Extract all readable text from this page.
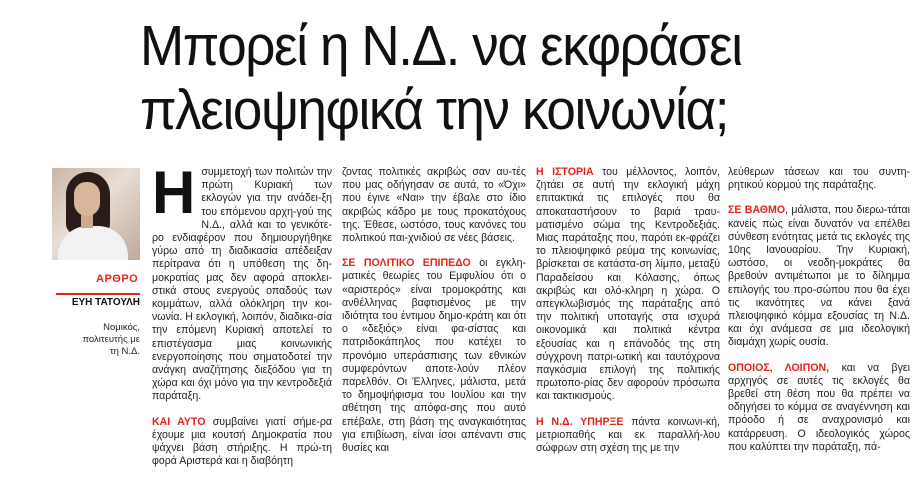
Μπορεί η Ν.Δ. να εκφράσει
πλειοψηφικά την κοινωνία;
ΑΡΘΡΟ
ΕΥΗ ΤΑΤΟΥΛΗ
Νομικός, πολιτευτής με τη Ν.Δ.

Ησυμμετοχή των πολιτών την πρώτη Κυριακή των εκλογών για την ανάδει-ξη του επόμενου αρχη-γού της Ν.Δ., αλλά και το γενικότε-ρο ενδιαφέρον που δημιουργήθηκε γύρω από τη διαδικασία απέδειξαν περίτρανα ότι η υπόθεση της δη-μοκρατίας μας δεν αφορά αποκλει-στικά στους ενεργούς οπαδούς των κομμάτων, αλλά ολόκληρη την κοι-νωνία. Η εκλογική, λοιπόν, διαδικα-σία την επόμενη Κυριακή αποτελεί το επιστέγασμα μιας κοινωνικής ενεργοποίησης που σηματοδοτεί την ανάγκη αναζήτησης διεξόδου για τη χώρα και όχι μόνο για την κεντροδεξιά παράταξη.

ΚΑΙ ΑΥΤΟ συμβαίνει γιατί σήμε-ρα έχουμε μια κουτσή Δημοκρατία που ψάχνει βάση στήριξης. Η πρώ-τη φορά Αριστερά και η διαβόητη

ζοντας πολιτικές ακριβώς σαν αυ-τές που μας οδήγησαν σε αυτά, το «Όχι» που έγινε «Ναι» την έβαλε στο ίδιο ακριβώς κάδρο με τους προκατόχους της. Έθεσε, ωστόσο, τους κανόνες του πολιτικού παι-χνιδιού σε νέες βάσεις.

ΣΕ ΠΟΛΙΤΙΚΟ ΕΠΙΠΕΔΟ οι εγκλη-ματικές θεωρίες του Εμφυλίου ότι ο «αριστερός» είναι τρομοκράτης και ανθέλληνας βαφτισμένος με την ιδιότητα του έντιμου δημο-κράτη και ότι ο «δεξιός» είναι φα-σίστας και πατριδοκάπηλος που κατέχει το προνόμιο υπεράσπισης των εθνικών συμφερόντων αποτε-λούν πλέον παρελθόν. Οι Έλληνες, μάλιστα, μετά το δημοψήφισμα του Ιουλίου και την αθέτηση της απόφα-σης που αυτό επέβαλε, στη βάση της αναγκαιότητας για επιβίωση, είναι ίσοι απέναντι στις θυσίες και

Η ΙΣΤΟΡΙΑ του μέλλοντος, λοιπόν, ζητάει σε αυτή την εκλογική μάχη επιτακτικά τις επιλογές που θα αποκαταστήσουν το βαριά τραυ-ματισμένο σώμα της Κεντροδεξιάς. Μιας παράταξης που, παρότι εκ-φράζει το πλειοψηφικό ρεύμα της κοινωνίας, βρίσκεται σε κατάστα-ση λίμπο, μεταξύ Παραδείσου και Κόλασης, όπως ακριβώς και ολό-κληρη η χώρα. Ο απεγκλωβισμός της παράταξης από την πολιτική υποταγής στα ισχυρά οικονομικά και πολιτικά κέντρα εξουσίας και η επάνοδός της στη σύγχρονη πατρι-ωτική και ταυτόχρονα παγκόσμια επιλογή της πολιτικής πρωτοπο-ρίας δεν αφορούν πρόσωπα και τακτικισμούς.

Η Ν.Δ. ΥΠΗΡΞΕ πάντα κοινωνι-κή, μετριοπαθής και εκ παραλλή-λου σώφρων στη σχέση της με την

λεύθερων τάσεων και του συντη-ρητικού κορμού της παράταξης.

ΣΕ ΒΑΘΜΟ, μάλιστα, που διερω-τάται κανείς πώς είναι δυνατόν να επέλθει σύνθεση ενότητας μετά τις εκλογές της 10ης Ιανουαρίου. Την Κυριακή, ωστόσο, οι νεοδη-μοκράτες θα βρεθούν αντιμέτωποι με το δίλημμα επιλογής του προ-σώπου που θα έχει τις ικανότητες να κάνει ξανά πλειοψηφικό κόμμα εξουσίας τη Ν.Δ. και όχι ανάμεσα σε μια ιδεολογική διαμάχη χωρίς ουσία.

ΟΠΟΙΟΣ, ΛΟΙΠΟΝ, και να βγει αρχηγός σε αυτές τις εκλογές θα βρεθεί στη θέση που θα πρέπει να οδηγήσει το κόμμα σε αναγέννηση και πρόοδο ή σε αναχρονισμό και κατάρρευση. Ο ιδεολογικός χώρος που καλύπτει την παράταξη, πά-
